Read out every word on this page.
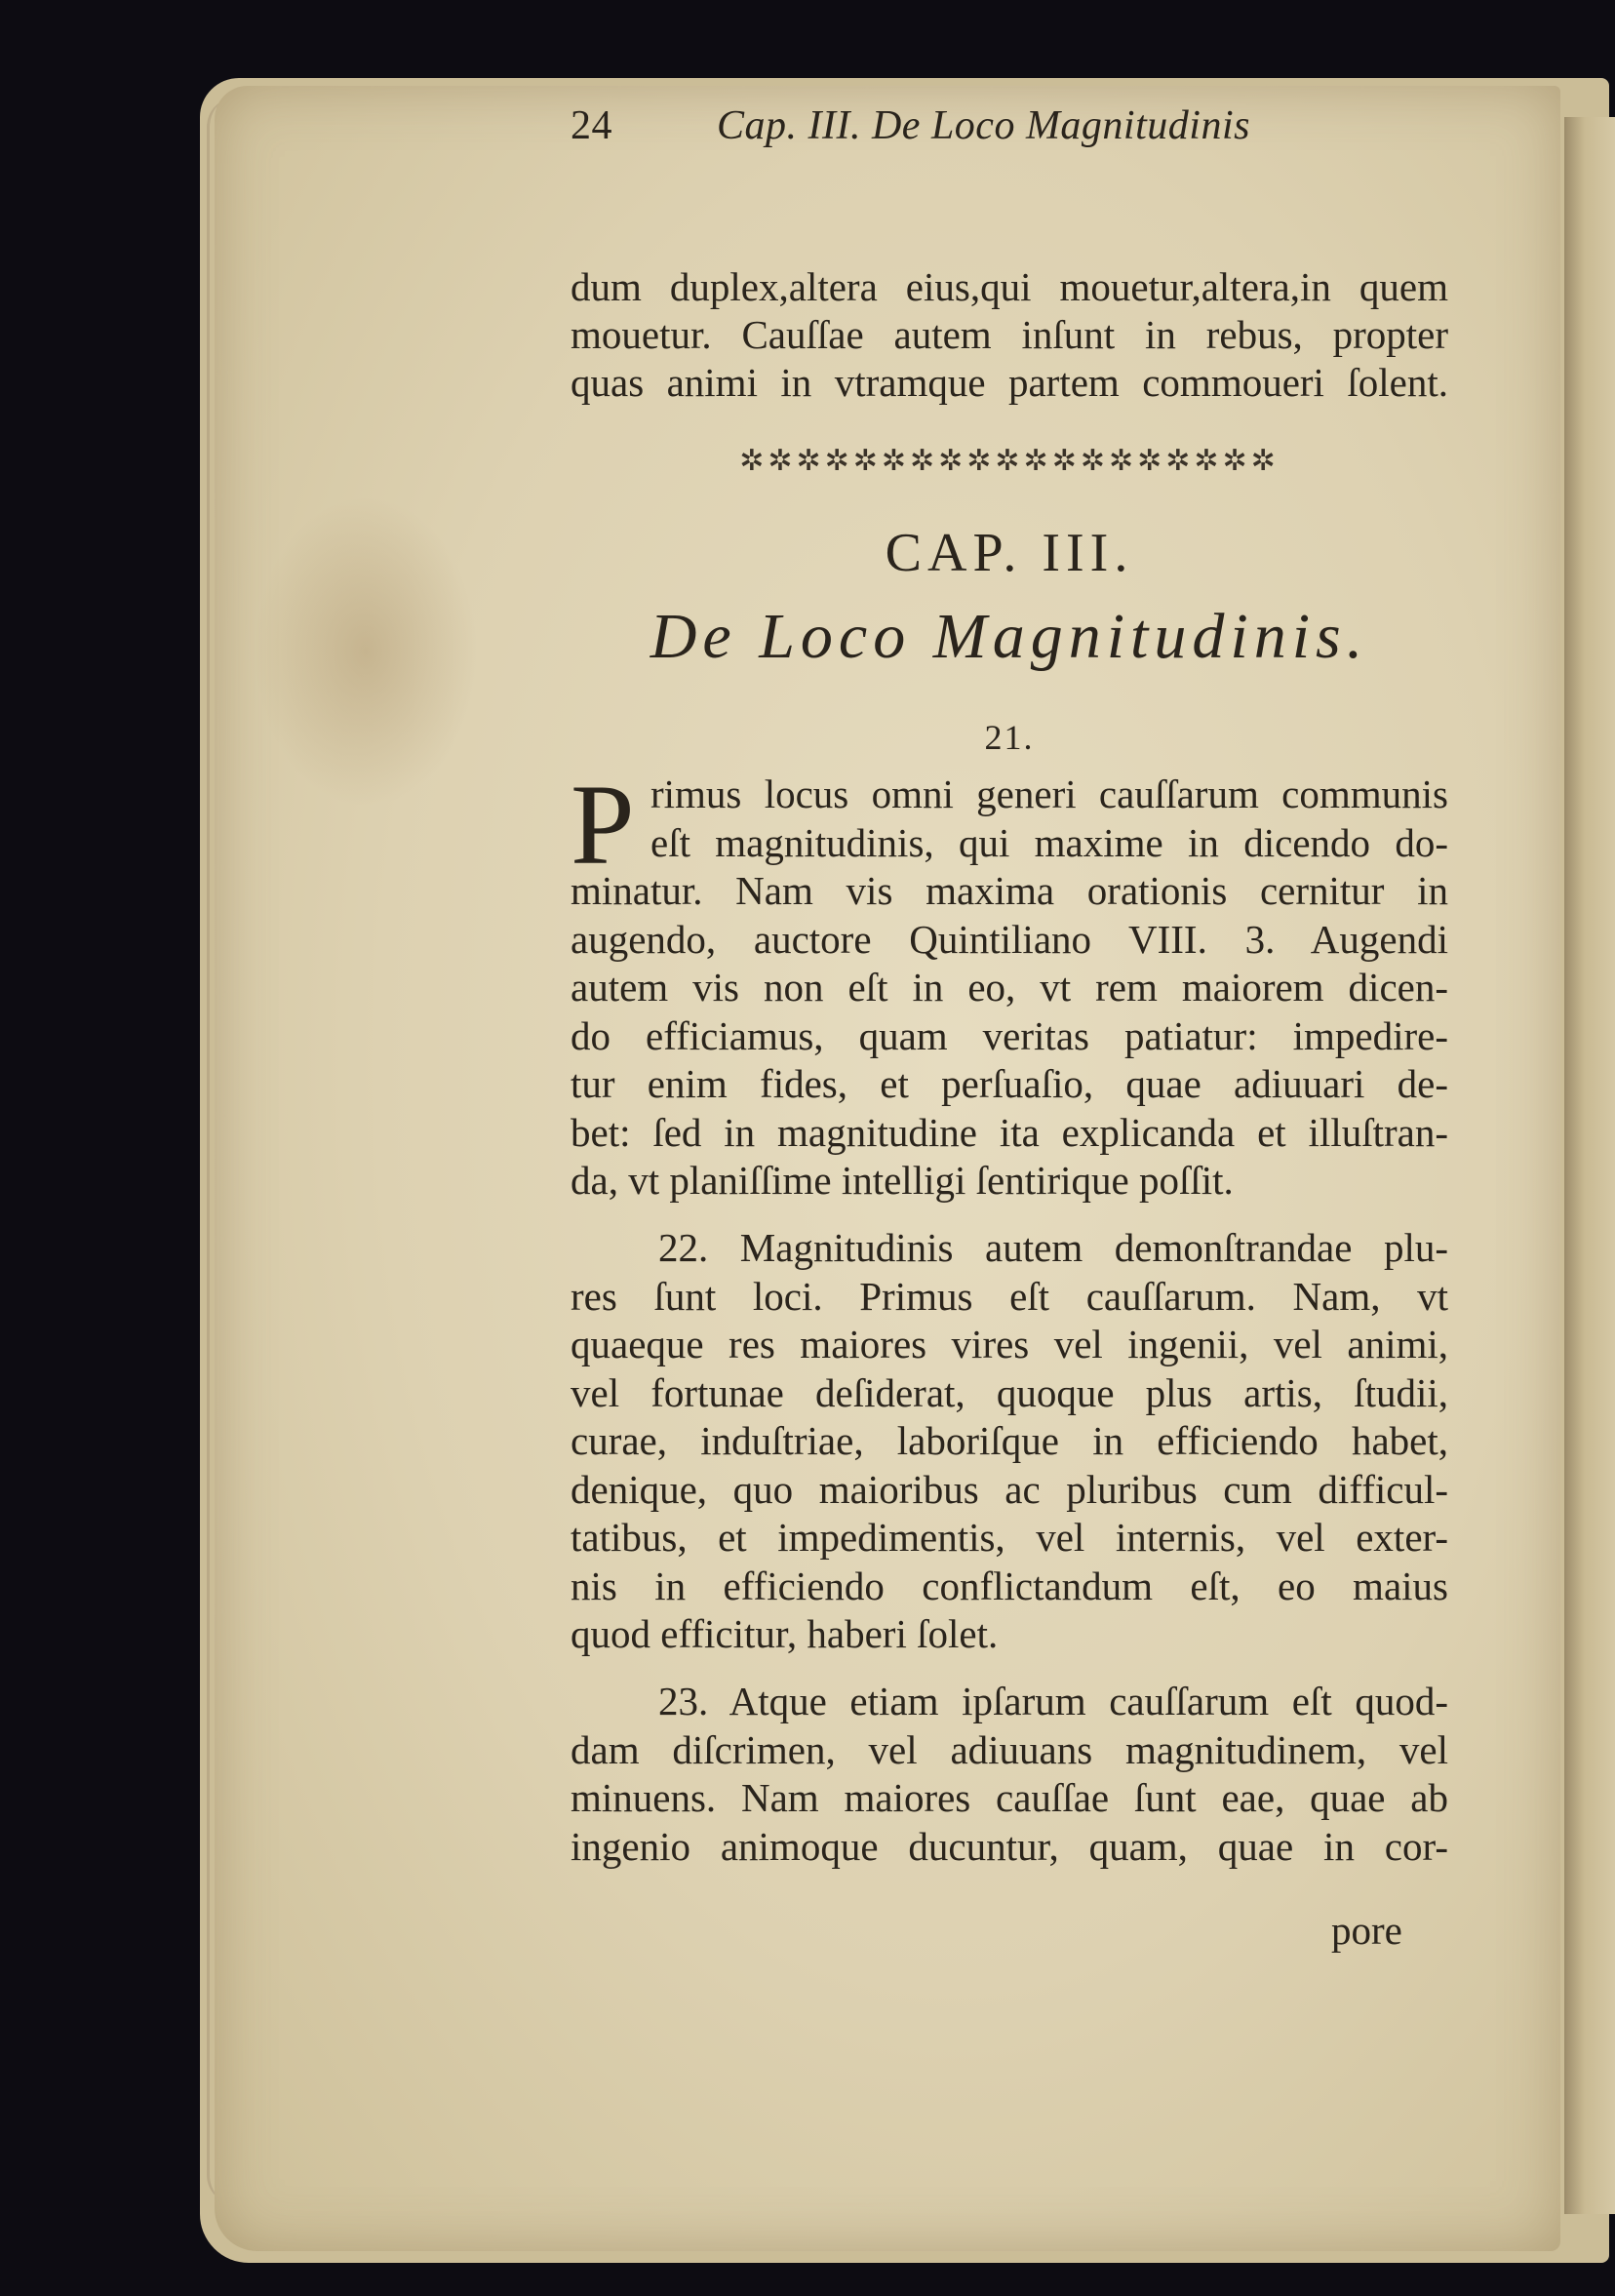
24	Cap. III. De Loco Magnitudinis

dum duplex,altera eius,qui mouetur,altera,in quem
mouetur. Cauſſae autem inſunt in rebus, propter
quas animi in vtramque partem commoueri ſolent.

✲✲✲✲✲✲✲✲✲✲✲✲✲✲✲✲✲✲✲
CAP. III.
De Loco Magnitudinis.
21.
P rimus locus omni generi cauſſarum communis
eſt magnitudinis, qui maxime in dicendo do-
minatur. Nam vis maxima orationis cernitur in
augendo, auctore Quintiliano VIII. 3. Augendi
autem vis non eſt in eo, vt rem maiorem dicen-
do efficiamus, quam veritas patiatur: impedire-
tur enim fides, et perſuaſio, quae adiuuari de-
bet: ſed in magnitudine ita explicanda et illuſtran-
da, vt planiſſime intelligi ſentirique poſſit.
22. Magnitudinis autem demonſtrandae plu-
res ſunt loci. Primus eſt cauſſarum. Nam, vt
quaeque res maiores vires vel ingenii, vel animi,
vel fortunae deſiderat, quoque plus artis, ſtudii,
curae, induſtriae, laboriſque in efficiendo habet,
denique, quo maioribus ac pluribus cum difficul-
tatibus, et impedimentis, vel internis, vel exter-
nis in efficiendo conflictandum eſt, eo maius
quod efficitur, haberi ſolet.
23. Atque etiam ipſarum cauſſarum eſt quod-
dam diſcrimen, vel adiuuans magnitudinem, vel
minuens. Nam maiores cauſſae ſunt eae, quae ab
ingenio animoque ducuntur, quam, quae in cor-
pore
